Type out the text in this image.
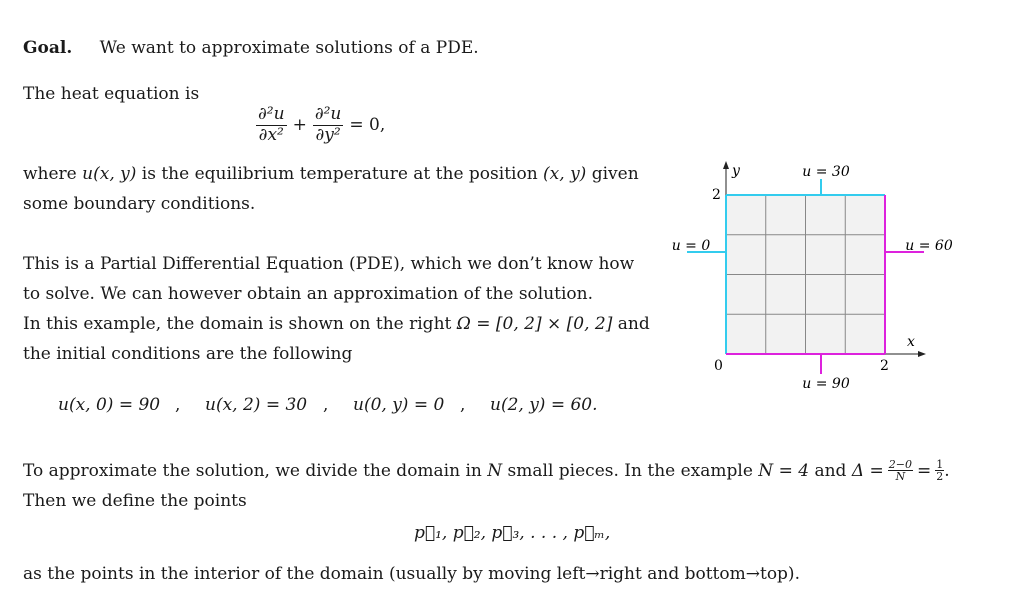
Goal. We want to approximate solutions of a PDE.
The heat equation is
$\frac{\text{∂²u}}{\text{∂x²}} + \frac{\text{∂²u}}{\text{∂y²}} = 0$,
where u(x, y) is the equilibrium temperature at the position (x, y) given
some boundary conditions.
This is a Partial Differential Equation (PDE), which we don’t know how
to solve. We can however obtain an approximation of the solution.
In this example, the domain is shown on the right Ω = [0, 2] × [0, 2] and
the initial conditions are the following
u(x, 0) = 90 , u(x, 2) = 30 , u(0, y) = 0 , u(2, y) = 60.
To approximate the solution, we divide the domain in N small pieces. In the example N = 4 and $\Delta = \frac{2-0}{N} = \frac{1}{2}$ .
Then we define the points
p⃗₁, p⃗₂, p⃗₃, . . . , p⃗ₘ,
as the points in the interior of the domain (usually by moving left→right and bottom→top).
u = 30
u = 90
u = 0	u = 60
y
x
2
2
0
